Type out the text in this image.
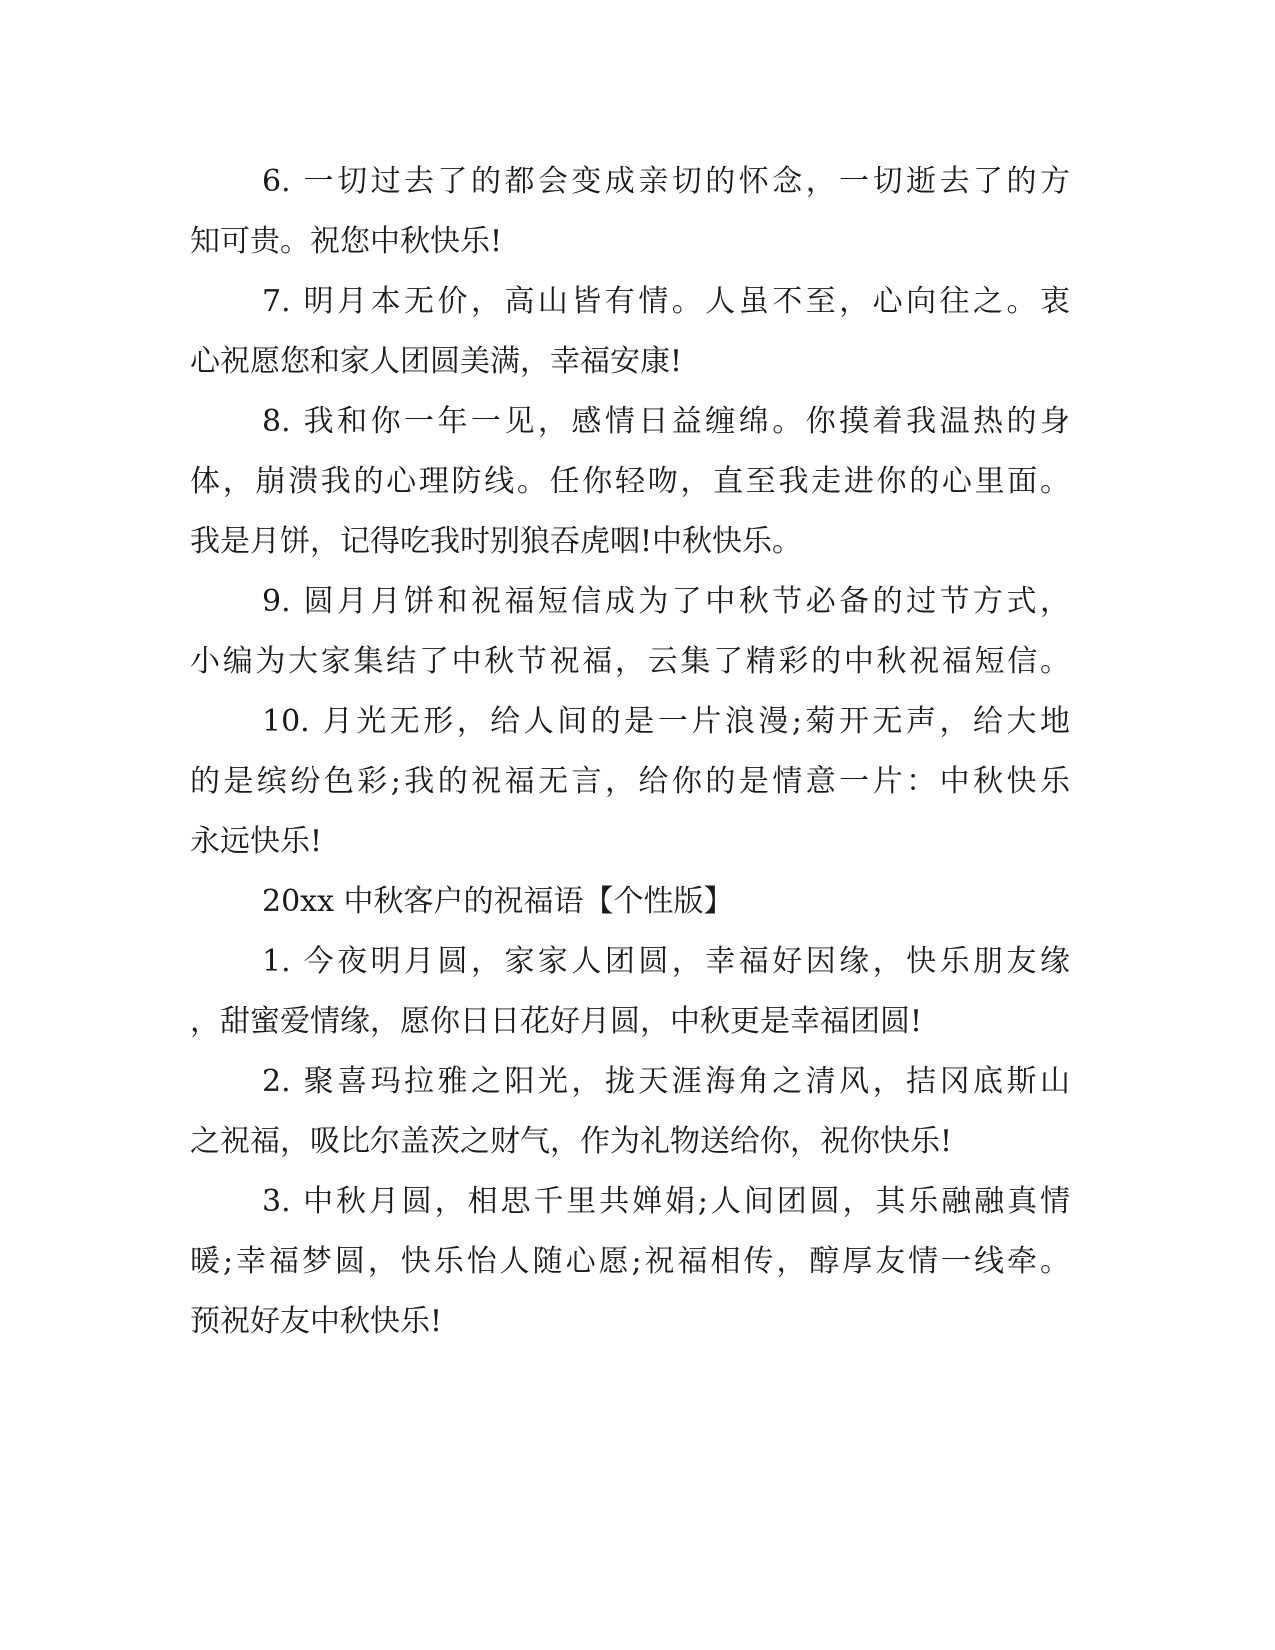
6. 一切过去了的都会变成亲切的怀念，一切逝去了的方
知可贵。祝您中秋快乐!
7. 明月本无价，高山皆有情。人虽不至，心向往之。衷
心祝愿您和家人团圆美满，幸福安康!
8. 我和你一年一见，感情日益缠绵。你摸着我温热的身
体，崩溃我的心理防线。任你轻吻，直至我走进你的心里面。
我是月饼，记得吃我时别狼吞虎咽!中秋快乐。
9. 圆月月饼和祝福短信成为了中秋节必备的过节方式，
小编为大家集结了中秋节祝福，云集了精彩的中秋祝福短信。
10. 月光无形，给人间的是一片浪漫;菊开无声，给大地
的是缤纷色彩;我的祝福无言，给你的是情意一片：中秋快乐
永远快乐!
20xx 中秋客户的祝福语【个性版】
1. 今夜明月圆，家家人团圆，幸福好因缘，快乐朋友缘
，甜蜜爱情缘，愿你日日花好月圆，中秋更是幸福团圆!
2. 聚喜玛拉雅之阳光，拢天涯海角之清风，拮冈底斯山
之祝福，吸比尔盖茨之财气，作为礼物送给你，祝你快乐!
3. 中秋月圆，相思千里共婵娟;人间团圆，其乐融融真情
暖;幸福梦圆，快乐怡人随心愿;祝福相传，醇厚友情一线牵。
预祝好友中秋快乐!
